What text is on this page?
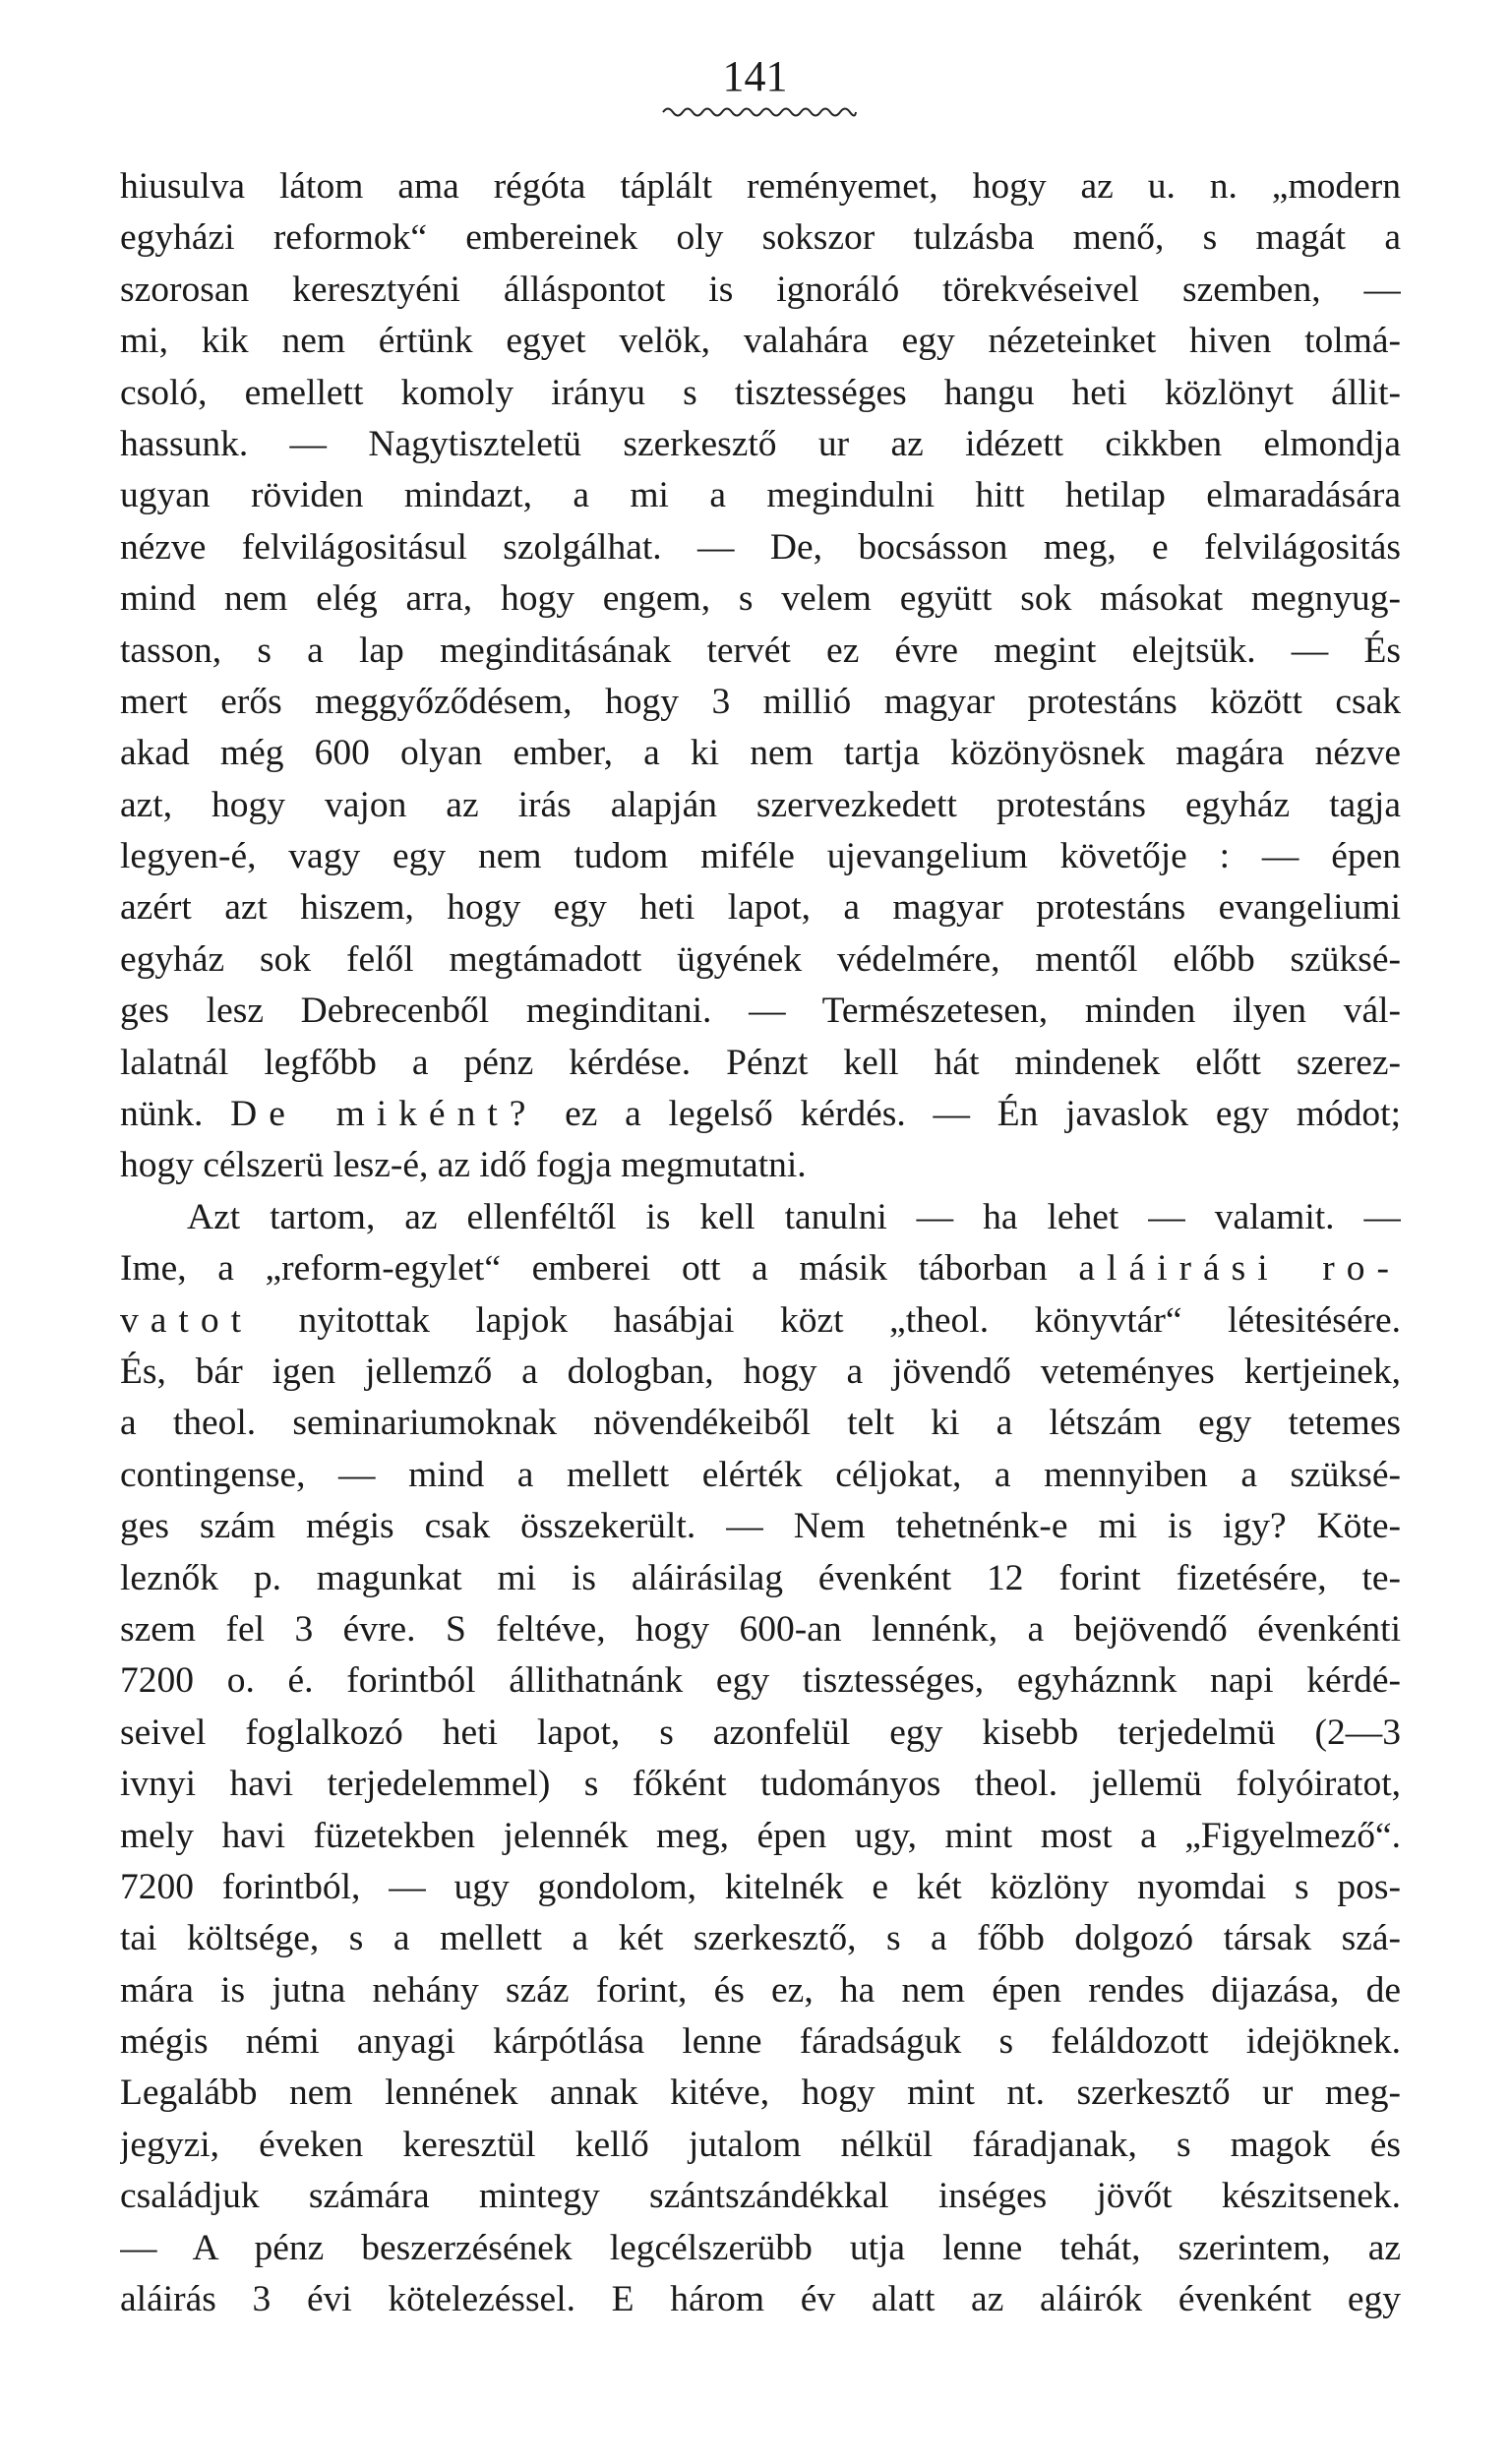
141
hiusulva látom ama régóta táplált reményemet, hogy az u. n. „modern
egyházi reformok“ embereinek oly sokszor tulzásba menő, s magát a
szorosan keresztyéni álláspontot is ignoráló törekvéseivel szemben, —
mi, kik nem értünk egyet velök, valahára egy nézeteinket hiven tolmá-
csoló, emellett komoly irányu s tisztességes hangu heti közlönyt állit-
hassunk. — Nagytiszteletü szerkesztő ur az idézett cikkben elmondja
ugyan röviden mindazt, a mi a megindulni hitt hetilap elmaradására
nézve felvilágositásul szolgálhat. — De, bocsásson meg, e felvilágositás
mind nem elég arra, hogy engem, s velem együtt sok másokat megnyug-
tasson, s a lap meginditásának tervét ez évre megint elejtsük. — És
mert erős meggyőződésem, hogy 3 millió magyar protestáns között csak
akad még 600 olyan ember, a ki nem tartja közönyösnek magára nézve
azt, hogy vajon az irás alapján szervezkedett protestáns egyház tagja
legyen-é, vagy egy nem tudom miféle ujevangelium követője : — épen
azért azt hiszem, hogy egy heti lapot, a magyar protestáns evangeliumi
egyház sok felől megtámadott ügyének védelmére, mentől előbb szüksé-
ges lesz Debrecenből meginditani. — Természetesen, minden ilyen vál-
lalatnál legfőbb a pénz kérdése. Pénzt kell hát mindenek előtt szerez-
nünk. De miként? ez a legelső kérdés. — Én javaslok egy módot;
hogy célszerü lesz-é, az idő fogja megmutatni.
Azt tartom, az ellenféltől is kell tanulni — ha lehet — valamit. —
Ime, a „reform-egylet“ emberei ott a másik táborban aláirási ro-
vatot nyitottak lapjok hasábjai közt „theol. könyvtár“ létesitésére.
És, bár igen jellemző a dologban, hogy a jövendő veteményes kertjeinek,
a theol. seminariumoknak növendékeiből telt ki a létszám egy tetemes
contingense, — mind a mellett elérték céljokat, a mennyiben a szüksé-
ges szám mégis csak összekerült. — Nem tehetnénk-e mi is igy? Köte-
leznők p. magunkat mi is aláirásilag évenként 12 forint fizetésére, te-
szem fel 3 évre. S feltéve, hogy 600-an lennénk, a bejövendő évenkénti
7200 o. é. forintból állithatnánk egy tisztességes, egyháznnk napi kérdé-
seivel foglalkozó heti lapot, s azonfelül egy kisebb terjedelmü (2—3
ivnyi havi terjedelemmel) s főként tudományos theol. jellemü folyóiratot,
mely havi füzetekben jelennék meg, épen ugy, mint most a „Figyelmező“.
7200 forintból, — ugy gondolom, kitelnék e két közlöny nyomdai s pos-
tai költsége, s a mellett a két szerkesztő, s a főbb dolgozó társak szá-
mára is jutna nehány száz forint, és ez, ha nem épen rendes dijazása, de
mégis némi anyagi kárpótlása lenne fáradságuk s feláldozott idejöknek.
Legalább nem lennének annak kitéve, hogy mint nt. szerkesztő ur meg-
jegyzi, éveken keresztül kellő jutalom nélkül fáradjanak, s magok és
családjuk számára mintegy szántszándékkal inséges jövőt készitsenek.
— A pénz beszerzésének legcélszerübb utja lenne tehát, szerintem, az
aláirás 3 évi kötelezéssel. E három év alatt az aláirók évenként egy
